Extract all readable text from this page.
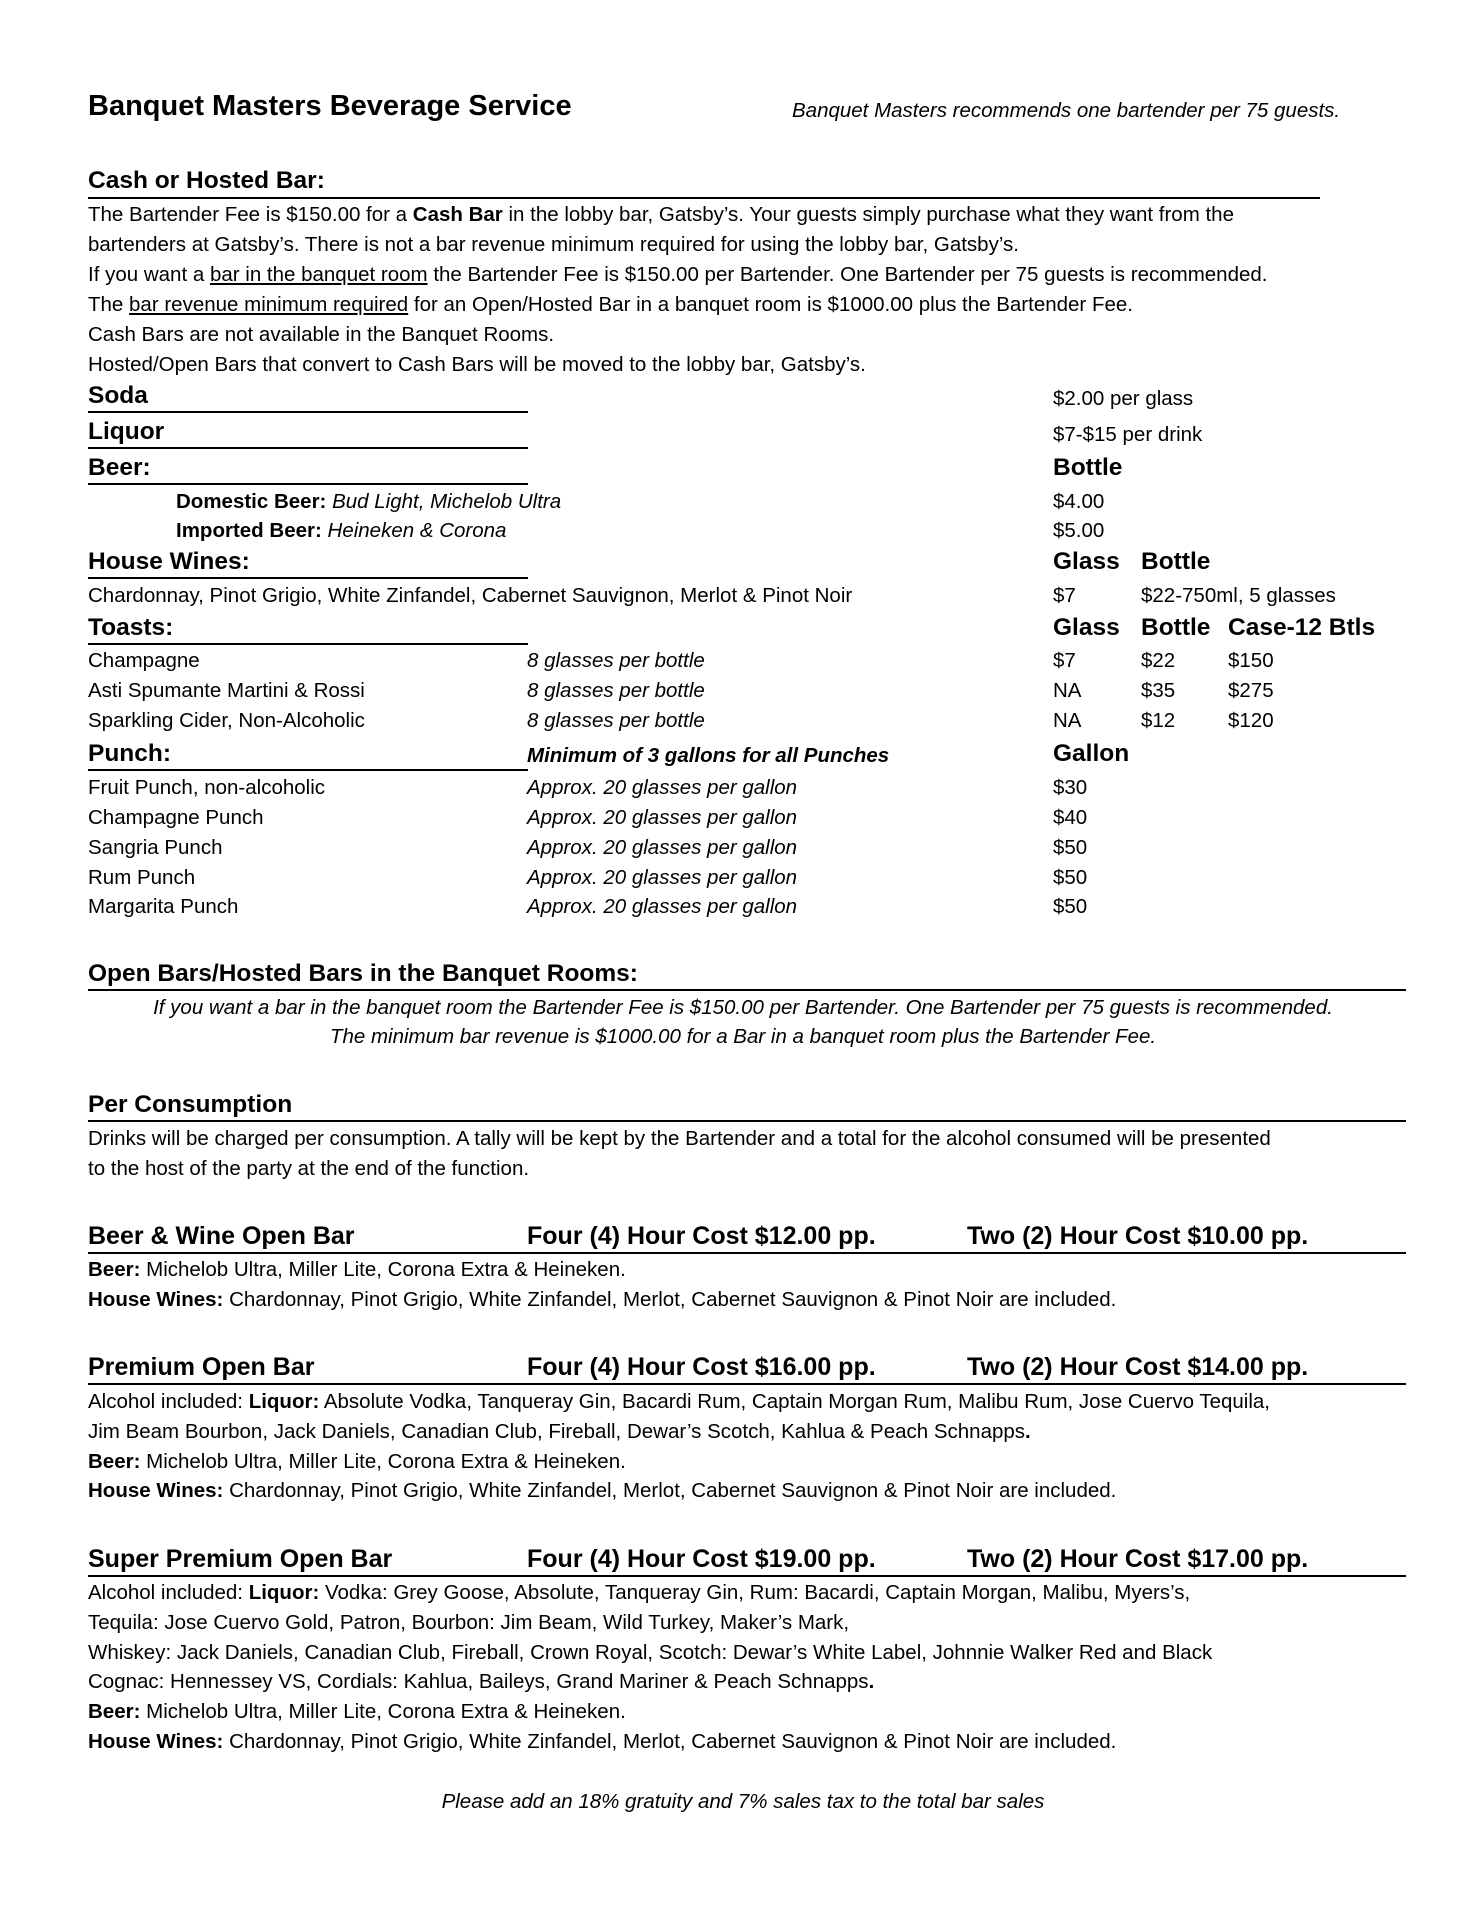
Banquet Masters Beverage Service	Banquet Masters recommends one bartender per 75 guests.
Cash or Hosted Bar:
The Bartender Fee is $150.00 for a Cash Bar in the lobby bar, Gatsby’s. Your guests simply purchase what they want from the
bartenders at Gatsby’s. There is not a bar revenue minimum required for using the lobby bar, Gatsby’s.
If you want a bar in the banquet room the Bartender Fee is $150.00 per Bartender. One Bartender per 75 guests is recommended.
The bar revenue minimum required for an Open/Hosted Bar in a banquet room is $1000.00 plus the Bartender Fee.
Cash Bars are not available in the Banquet Rooms.
Hosted/Open Bars that convert to Cash Bars will be moved to the lobby bar, Gatsby’s.
Soda	$2.00 per glass
Liquor	$7-$15 per drink
Beer:	Bottle
Domestic Beer: Bud Light, Michelob Ultra	$4.00
Imported Beer: Heineken & Corona	$5.00
House Wines:	Glass Bottle
Chardonnay, Pinot Grigio, White Zinfandel, Cabernet Sauvignon, Merlot & Pinot Noir	$7	$22-750ml, 5 glasses
Toasts:	Glass Bottle Case-12 Btls
Champagne	8 glasses per bottle	$7	$22	$150
Asti Spumante Martini & Rossi	8 glasses per bottle	NA	$35	$275
Sparkling Cider, Non-Alcoholic	8 glasses per bottle	NA	$12	$120
Punch:	Minimum of 3 gallons for all Punches	Gallon
Fruit Punch, non-alcoholic	Approx. 20 glasses per gallon	$30
Champagne Punch	Approx. 20 glasses per gallon	$40
Sangria Punch	Approx. 20 glasses per gallon	$50
Rum Punch	Approx. 20 glasses per gallon	$50
Margarita Punch	Approx. 20 glasses per gallon	$50
Open Bars/Hosted Bars in the Banquet Rooms:
If you want a bar in the banquet room the Bartender Fee is $150.00 per Bartender. One Bartender per 75 guests is recommended.
The minimum bar revenue is $1000.00 for a Bar in a banquet room plus the Bartender Fee.
Per Consumption
Drinks will be charged per consumption. A tally will be kept by the Bartender and a total for the alcohol consumed will be presented
to the host of the party at the end of the function.
Beer & Wine Open Bar	Four (4) Hour Cost $12.00 pp.	Two (2) Hour Cost $10.00 pp.
Beer: Michelob Ultra, Miller Lite, Corona Extra & Heineken.
House Wines: Chardonnay, Pinot Grigio, White Zinfandel, Merlot, Cabernet Sauvignon & Pinot Noir are included.
Premium Open Bar	Four (4) Hour Cost $16.00 pp.	Two (2) Hour Cost $14.00 pp.
Alcohol included: Liquor: Absolute Vodka, Tanqueray Gin, Bacardi Rum, Captain Morgan Rum, Malibu Rum, Jose Cuervo Tequila,
Jim Beam Bourbon, Jack Daniels, Canadian Club, Fireball, Dewar’s Scotch, Kahlua & Peach Schnapps.
Beer: Michelob Ultra, Miller Lite, Corona Extra & Heineken.
House Wines: Chardonnay, Pinot Grigio, White Zinfandel, Merlot, Cabernet Sauvignon & Pinot Noir are included.
Super Premium Open Bar	Four (4) Hour Cost $19.00 pp.	Two (2) Hour Cost $17.00 pp.
Alcohol included: Liquor: Vodka: Grey Goose, Absolute, Tanqueray Gin, Rum: Bacardi, Captain Morgan, Malibu, Myers’s,
Tequila: Jose Cuervo Gold, Patron, Bourbon: Jim Beam, Wild Turkey, Maker’s Mark,
Whiskey: Jack Daniels, Canadian Club, Fireball, Crown Royal, Scotch: Dewar’s White Label, Johnnie Walker Red and Black
Cognac: Hennessey VS, Cordials: Kahlua, Baileys, Grand Mariner & Peach Schnapps.
Beer: Michelob Ultra, Miller Lite, Corona Extra & Heineken.
House Wines: Chardonnay, Pinot Grigio, White Zinfandel, Merlot, Cabernet Sauvignon & Pinot Noir are included.
Please add an 18% gratuity and 7% sales tax to the total bar sales
